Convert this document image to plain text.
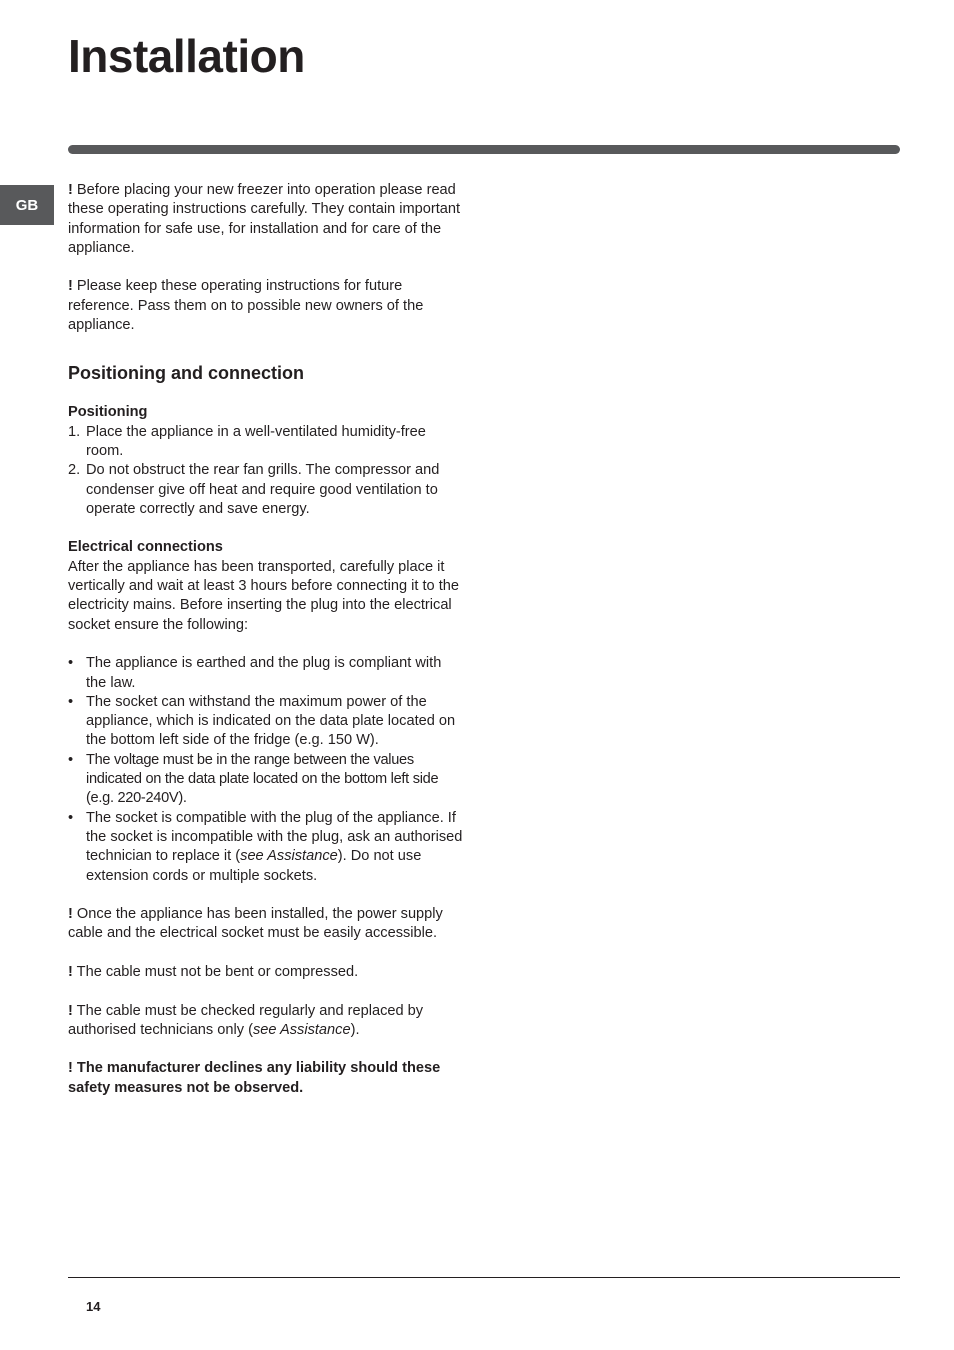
Installation
GB

! Before placing your new freezer into operation please read these operating instructions carefully. They contain important information for safe use, for installation and for care of the appliance.

! Please keep these operating instructions for future reference. Pass them on to possible new owners of the appliance.

Positioning and connection

Positioning

1. Place the appliance in a well-ventilated humidity-free room.
2. Do not obstruct the rear fan grills. The compressor and condenser give off heat and require good ventilation to operate correctly and save energy.

Electrical connections

After the appliance has been transported, carefully place it vertically and wait at least 3 hours before connecting it to the electricity mains. Before inserting the plug into the electrical socket ensure the following:

• The appliance is earthed and the plug is compliant with the law.
• The socket can withstand the maximum power of the appliance, which is indicated on the data plate located on the bottom left side of the fridge (e.g. 150 W).
• The voltage must be in the range between the values indicated on the data plate located on the bottom left side (e.g. 220-240V).
• The socket is compatible with the plug of the appliance. If the socket is incompatible with the plug, ask an authorised technician to replace it (see Assistance). Do not use extension cords or multiple sockets.

! Once the appliance has been installed, the power supply cable and the electrical socket must be easily accessible.

! The cable must not be bent or compressed.

! The cable must be checked regularly and replaced by authorised technicians only (see Assistance).

! The manufacturer declines any liability should these safety measures not be observed.

14
